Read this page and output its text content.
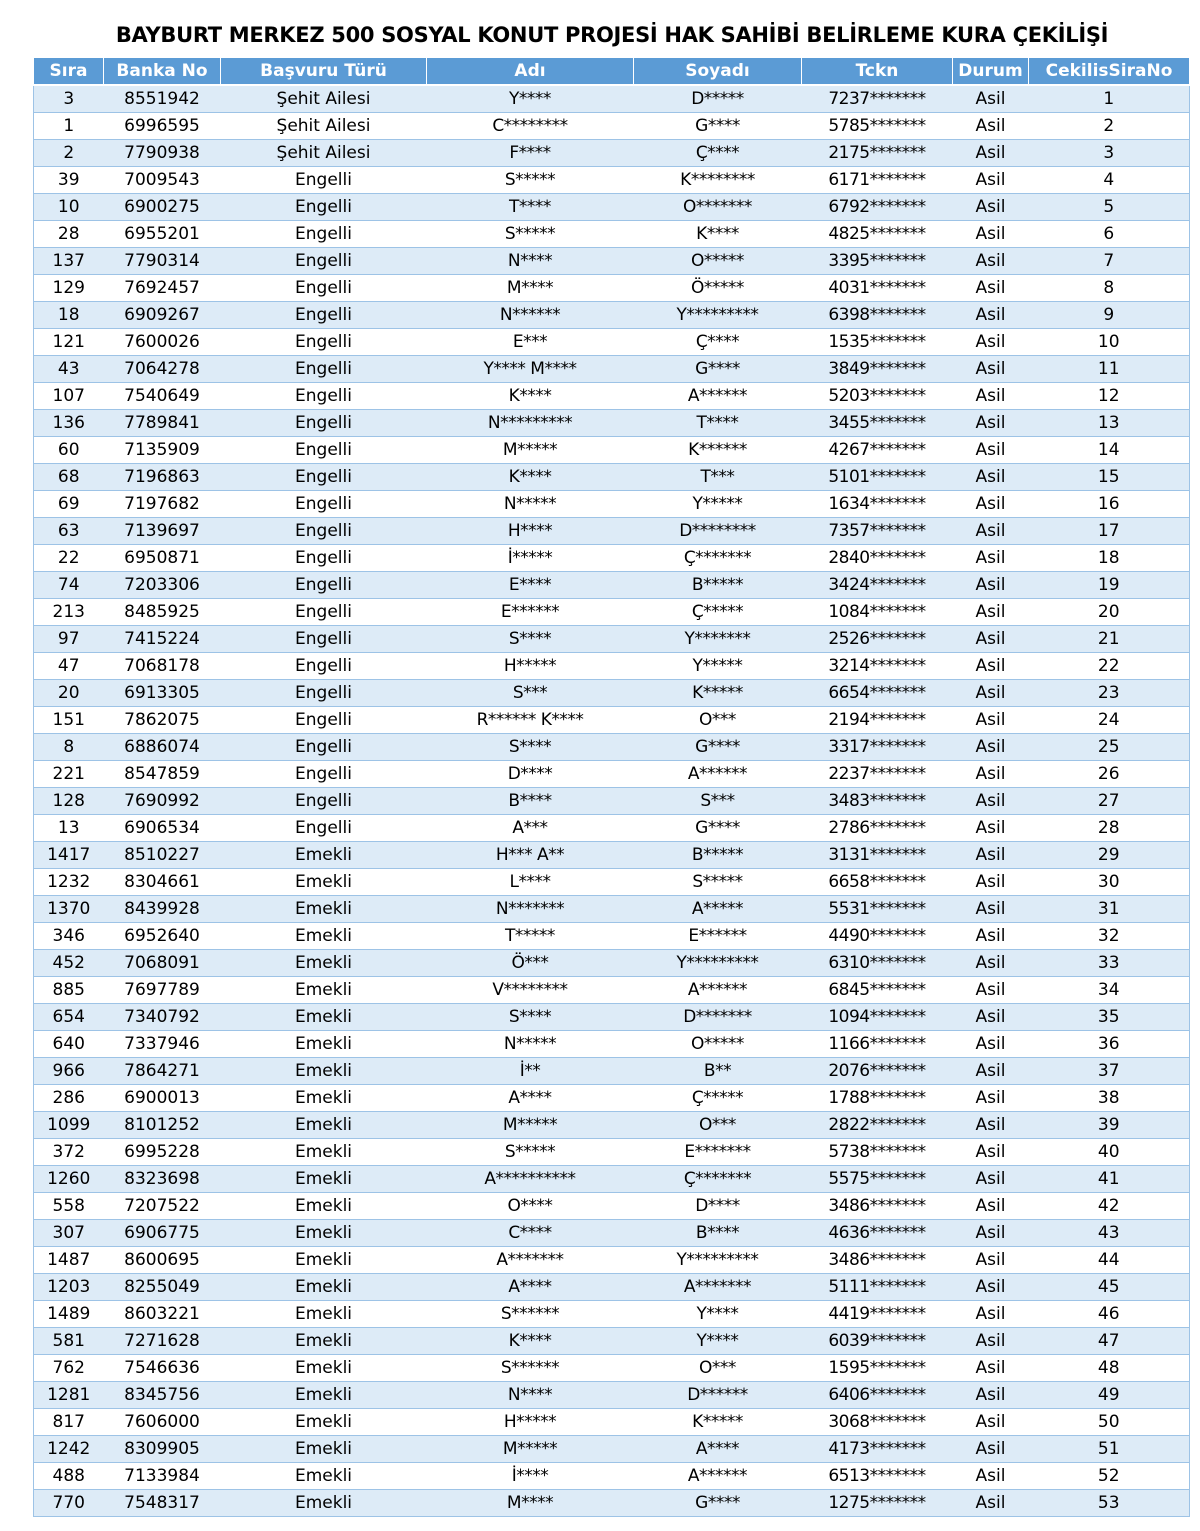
BAYBURT MERKEZ 500 SOSYAL KONUT PROJESİ HAK SAHİBİ BELİRLEME KURA ÇEKİLİŞİ
Sıra	Banka No	Başvuru Türü	Adı	Soyadı	Tckn	Durum	CekilisSiraNo
3	8551942	Şehit Ailesi	Y****	D*****	7237*******	Asil	1
1	6996595	Şehit Ailesi	C********	G****	5785*******	Asil	2
2	7790938	Şehit Ailesi	F****	Ç****	2175*******	Asil	3
39	7009543	Engelli	S*****	K********	6171*******	Asil	4
10	6900275	Engelli	T****	O*******	6792*******	Asil	5
28	6955201	Engelli	S*****	K****	4825*******	Asil	6
137	7790314	Engelli	N****	O*****	3395*******	Asil	7
129	7692457	Engelli	M****	Ö*****	4031*******	Asil	8
18	6909267	Engelli	N******	Y*********	6398*******	Asil	9
121	7600026	Engelli	E***	Ç****	1535*******	Asil	10
43	7064278	Engelli	Y**** M****	G****	3849*******	Asil	11
107	7540649	Engelli	K****	A******	5203*******	Asil	12
136	7789841	Engelli	N*********	T****	3455*******	Asil	13
60	7135909	Engelli	M*****	K******	4267*******	Asil	14
68	7196863	Engelli	K****	T***	5101*******	Asil	15
69	7197682	Engelli	N*****	Y*****	1634*******	Asil	16
63	7139697	Engelli	H****	D********	7357*******	Asil	17
22	6950871	Engelli	İ*****	Ç*******	2840*******	Asil	18
74	7203306	Engelli	E****	B*****	3424*******	Asil	19
213	8485925	Engelli	E******	Ç*****	1084*******	Asil	20
97	7415224	Engelli	S****	Y*******	2526*******	Asil	21
47	7068178	Engelli	H*****	Y*****	3214*******	Asil	22
20	6913305	Engelli	S***	K*****	6654*******	Asil	23
151	7862075	Engelli	R****** K****	O***	2194*******	Asil	24
8	6886074	Engelli	S****	G****	3317*******	Asil	25
221	8547859	Engelli	D****	A******	2237*******	Asil	26
128	7690992	Engelli	B****	S***	3483*******	Asil	27
13	6906534	Engelli	A***	G****	2786*******	Asil	28
1417	8510227	Emekli	H*** A**	B*****	3131*******	Asil	29
1232	8304661	Emekli	L****	S*****	6658*******	Asil	30
1370	8439928	Emekli	N*******	A*****	5531*******	Asil	31
346	6952640	Emekli	T*****	E******	4490*******	Asil	32
452	7068091	Emekli	Ö***	Y*********	6310*******	Asil	33
885	7697789	Emekli	V********	A******	6845*******	Asil	34
654	7340792	Emekli	S****	D*******	1094*******	Asil	35
640	7337946	Emekli	N*****	O*****	1166*******	Asil	36
966	7864271	Emekli	İ**	B**	2076*******	Asil	37
286	6900013	Emekli	A****	Ç*****	1788*******	Asil	38
1099	8101252	Emekli	M*****	O***	2822*******	Asil	39
372	6995228	Emekli	S*****	E*******	5738*******	Asil	40
1260	8323698	Emekli	A**********	Ç*******	5575*******	Asil	41
558	7207522	Emekli	O****	D****	3486*******	Asil	42
307	6906775	Emekli	C****	B****	4636*******	Asil	43
1487	8600695	Emekli	A*******	Y*********	3486*******	Asil	44
1203	8255049	Emekli	A****	A*******	5111*******	Asil	45
1489	8603221	Emekli	S******	Y****	4419*******	Asil	46
581	7271628	Emekli	K****	Y****	6039*******	Asil	47
762	7546636	Emekli	S******	O***	1595*******	Asil	48
1281	8345756	Emekli	N****	D******	6406*******	Asil	49
817	7606000	Emekli	H*****	K*****	3068*******	Asil	50
1242	8309905	Emekli	M*****	A****	4173*******	Asil	51
488	7133984	Emekli	İ****	A******	6513*******	Asil	52
770	7548317	Emekli	M****	G****	1275*******	Asil	53
